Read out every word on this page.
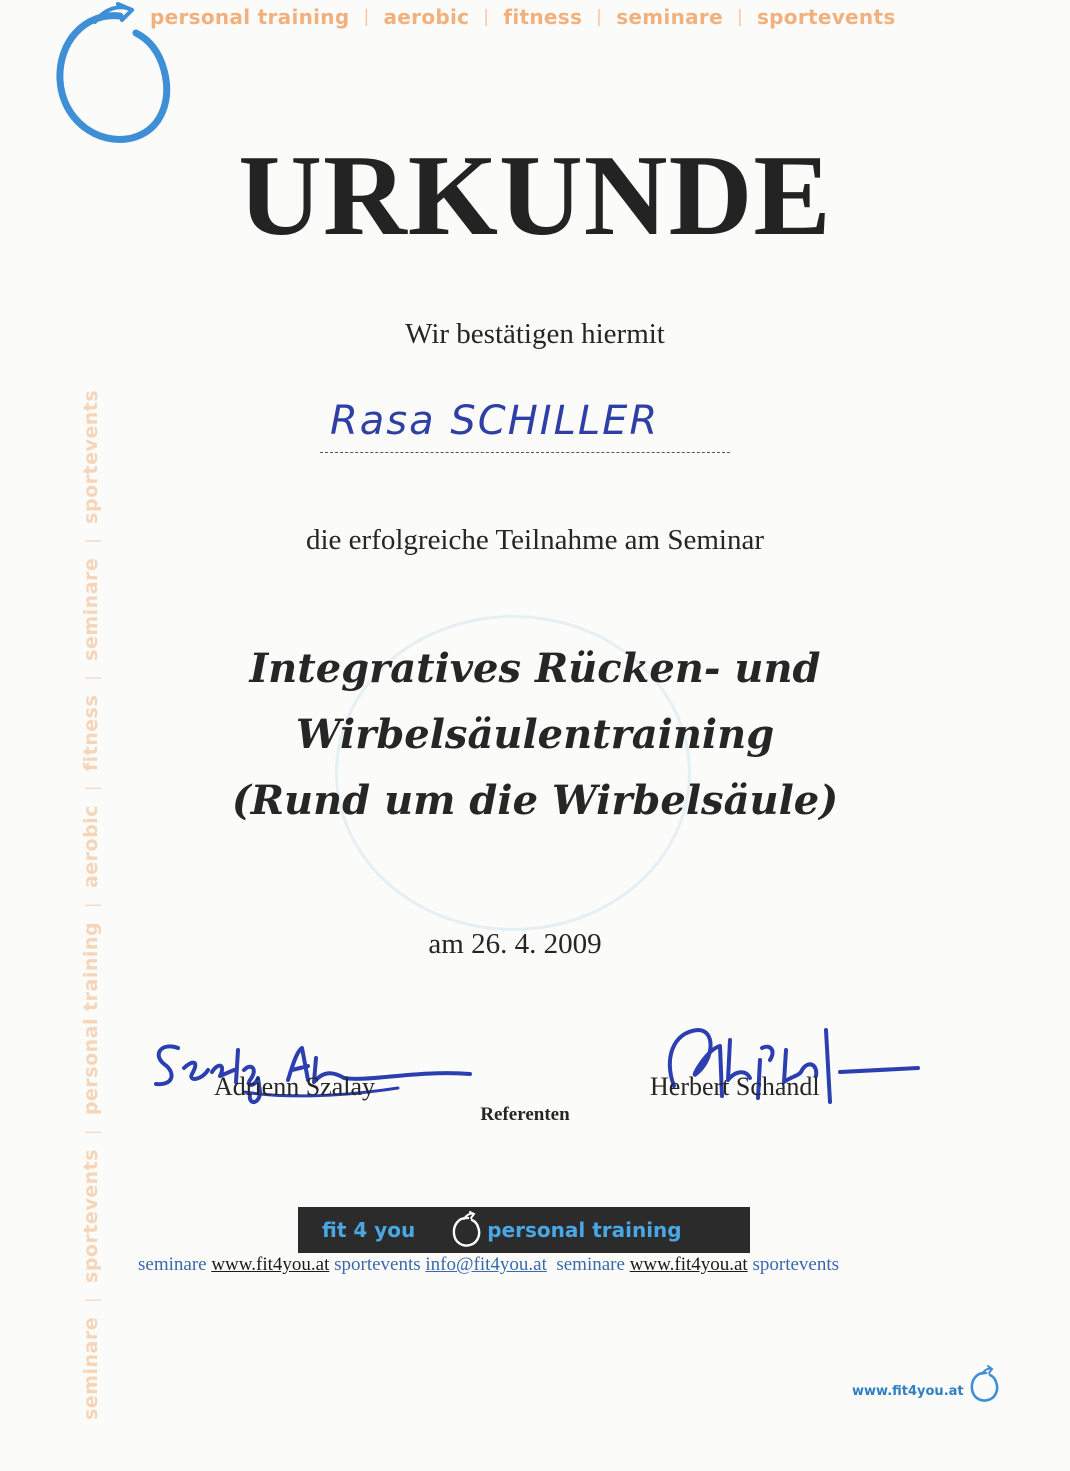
personal training | aerobic | fitness | seminare | sportevents
seminare
|
sportevents
|
personal training
|
aerobic
|
fitness
|
seminare
|
sportevents
URKUNDE
Wir bestätigen hiermit
Rasa SCHILLER
die erfolgreiche Teilnahme am Seminar
Integratives Rücken- und
Wirbelsäulentraining
(Rund um die Wirbelsäule)
am 26. 4. 2009
Adrienn Szalay	Herbert Schandl
Referenten
fit 4 you	personal training
seminare www.fit4you.at sportevents info@fit4you.at seminare www.fit4you.at sportevents
www.fit4you.at
